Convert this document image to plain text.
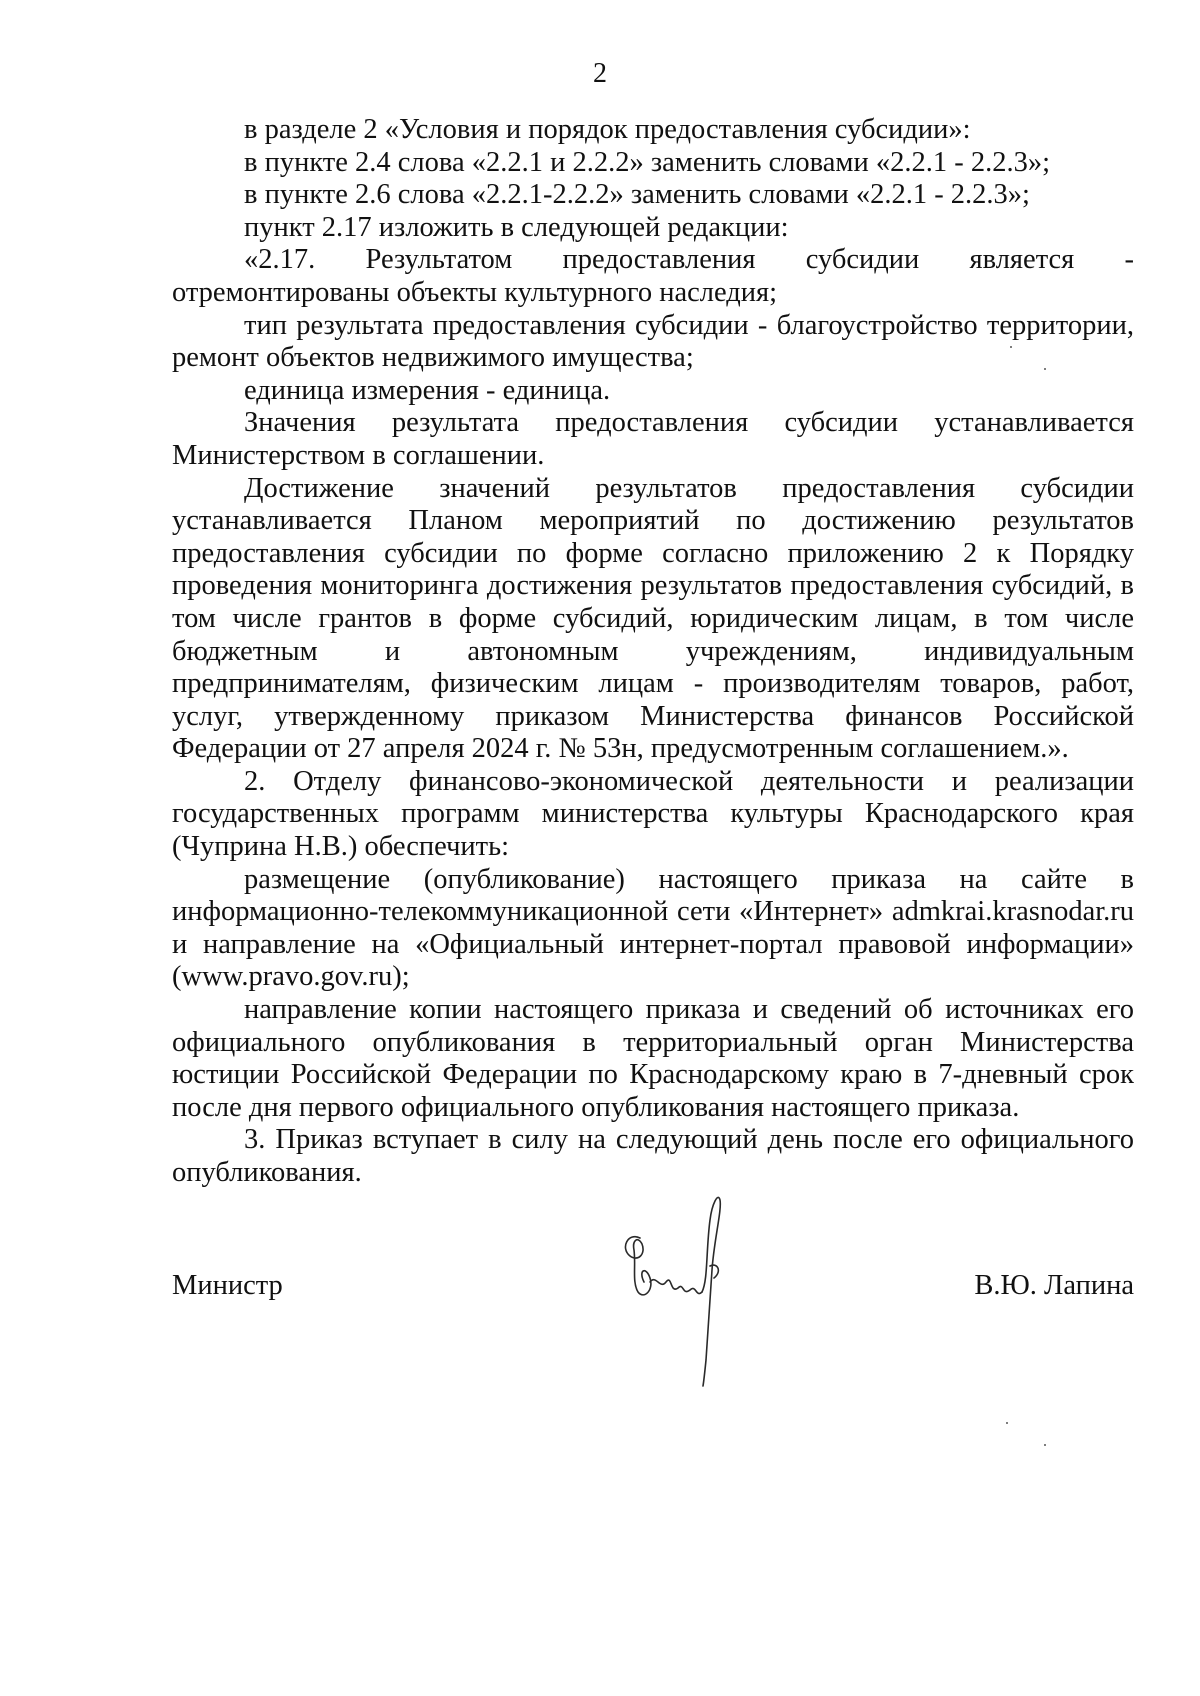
2

в разделе 2 «Условия и порядок предоставления субсидии»:

в пункте 2.4 слова «2.2.1 и 2.2.2» заменить словами «2.2.1 - 2.2.3»;

в пункте 2.6 слова «2.2.1-2.2.2» заменить словами «2.2.1 - 2.2.3»;

пункт 2.17 изложить в следующей редакции:

«2.17. Результатом предоставления субсидии является - отремонтированы объекты культурного наследия;

тип результата предоставления субсидии - благоустройство территории, ремонт объектов недвижимого имущества;

единица измерения - единица.

Значения результата предоставления субсидии устанавливается Министерством в соглашении.

Достижение значений результатов предоставления субсидии устанавливается Планом мероприятий по достижению результатов предоставления субсидии по форме согласно приложению 2 к Порядку проведения мониторинга достижения результатов предоставления субсидий, в том числе грантов в форме субсидий, юридическим лицам, в том числе бюджетным и автономным учреждениям, индивидуальным предпринимателям, физическим лицам - производителям товаров, работ, услуг, утвержденному приказом Министерства финансов Российской Федерации от 27 апреля 2024 г. № 53н, предусмотренным соглашением.».

2. Отделу финансово-экономической деятельности и реализации государственных программ министерства культуры Краснодарского края (Чуприна Н.В.) обеспечить:

размещение (опубликование) настоящего приказа на сайте в информационно-телекоммуникационной сети «Интернет» admkrai.krasnodar.ru и направление на «Официальный интернет-портал правовой информации» (www.pravo.gov.ru);

направление копии настоящего приказа и сведений об источниках его официального опубликования в территориальный орган Министерства юстиции Российской Федерации по Краснодарскому краю в 7-дневный срок после дня первого официального опубликования настоящего приказа.

3. Приказ вступает в силу на следующий день после его официального опубликования.

Министр	В.Ю. Лапина
